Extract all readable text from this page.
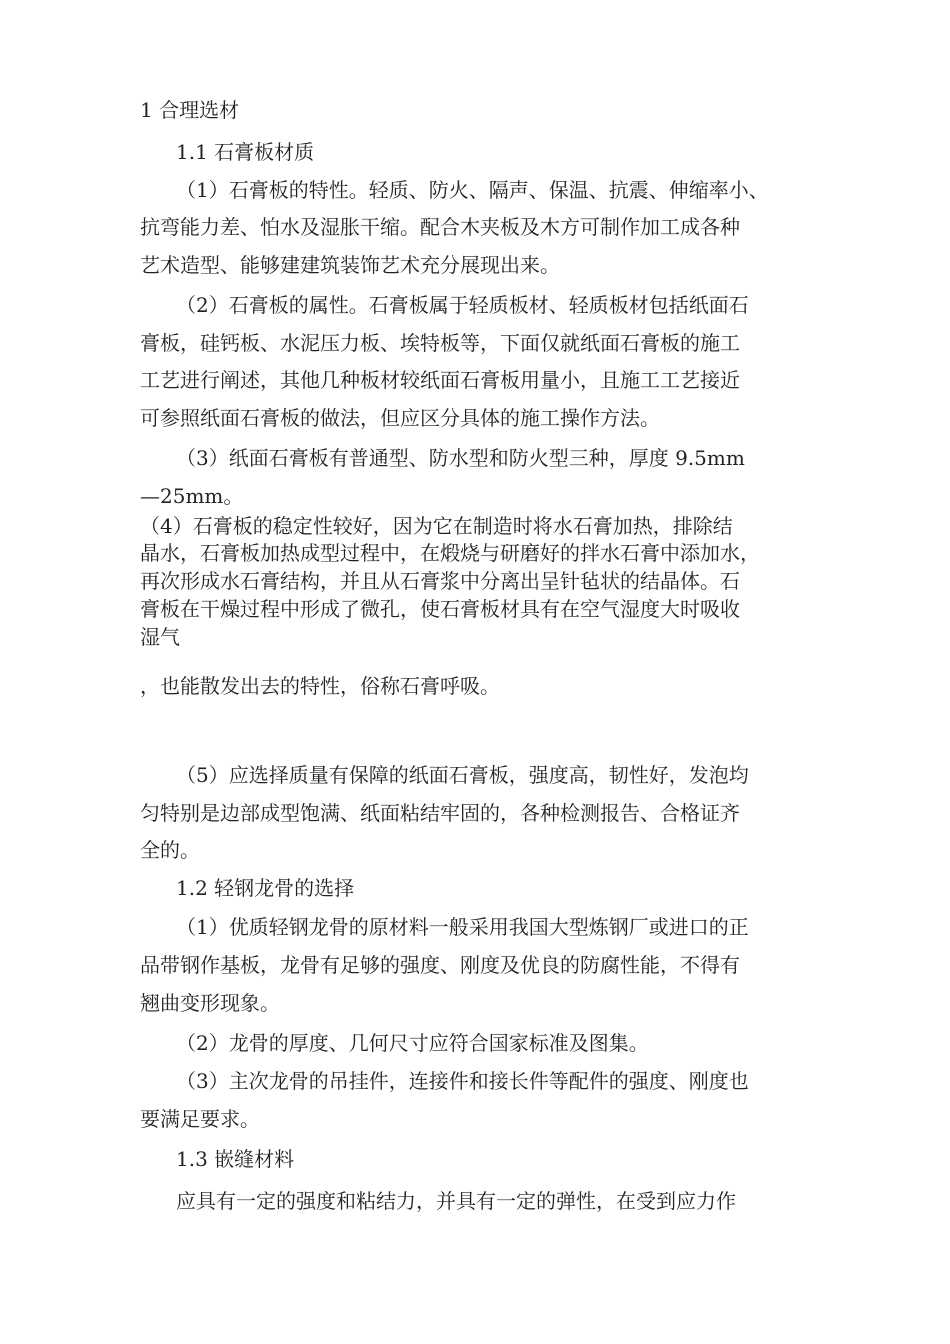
1 合理选材

1.1 石膏板材质

（1）石膏板的特性。轻质、防火、隔声、保温、抗震、伸缩率小、

抗弯能力差、怕水及湿胀干缩。配合木夹板及木方可制作加工成各种

艺术造型、能够建建筑装饰艺术充分展现出来。

（2）石膏板的属性。石膏板属于轻质板材、轻质板材包括纸面石

膏板，硅钙板、水泥压力板、埃特板等，下面仅就纸面石膏板的施工

工艺进行阐述，其他几种板材较纸面石膏板用量小，且施工工艺接近

可参照纸面石膏板的做法，但应区分具体的施工操作方法。

（3）纸面石膏板有普通型、防水型和防火型三种，厚度 9.5mm

—25mm。

（4）石膏板的稳定性较好，因为它在制造时将水石膏加热，排除结

晶水，石膏板加热成型过程中，在煅烧与研磨好的拌水石膏中添加水，

再次形成水石膏结构，并且从石膏浆中分离出呈针毡状的结晶体。石

膏板在干燥过程中形成了微孔，使石膏板材具有在空气湿度大时吸收

湿气

，也能散发出去的特性，俗称石膏呼吸。

（5）应选择质量有保障的纸面石膏板，强度高，韧性好，发泡均

匀特别是边部成型饱满、纸面粘结牢固的，各种检测报告、合格证齐

全的。

1.2 轻钢龙骨的选择

（1）优质轻钢龙骨的原材料一般采用我国大型炼钢厂或进口的正

品带钢作基板，龙骨有足够的强度、刚度及优良的防腐性能，不得有

翘曲变形现象。

（2）龙骨的厚度、几何尺寸应符合国家标准及图集。

（3）主次龙骨的吊挂件，连接件和接长件等配件的强度、刚度也

要满足要求。

1.3 嵌缝材料

应具有一定的强度和粘结力，并具有一定的弹性，在受到应力作
